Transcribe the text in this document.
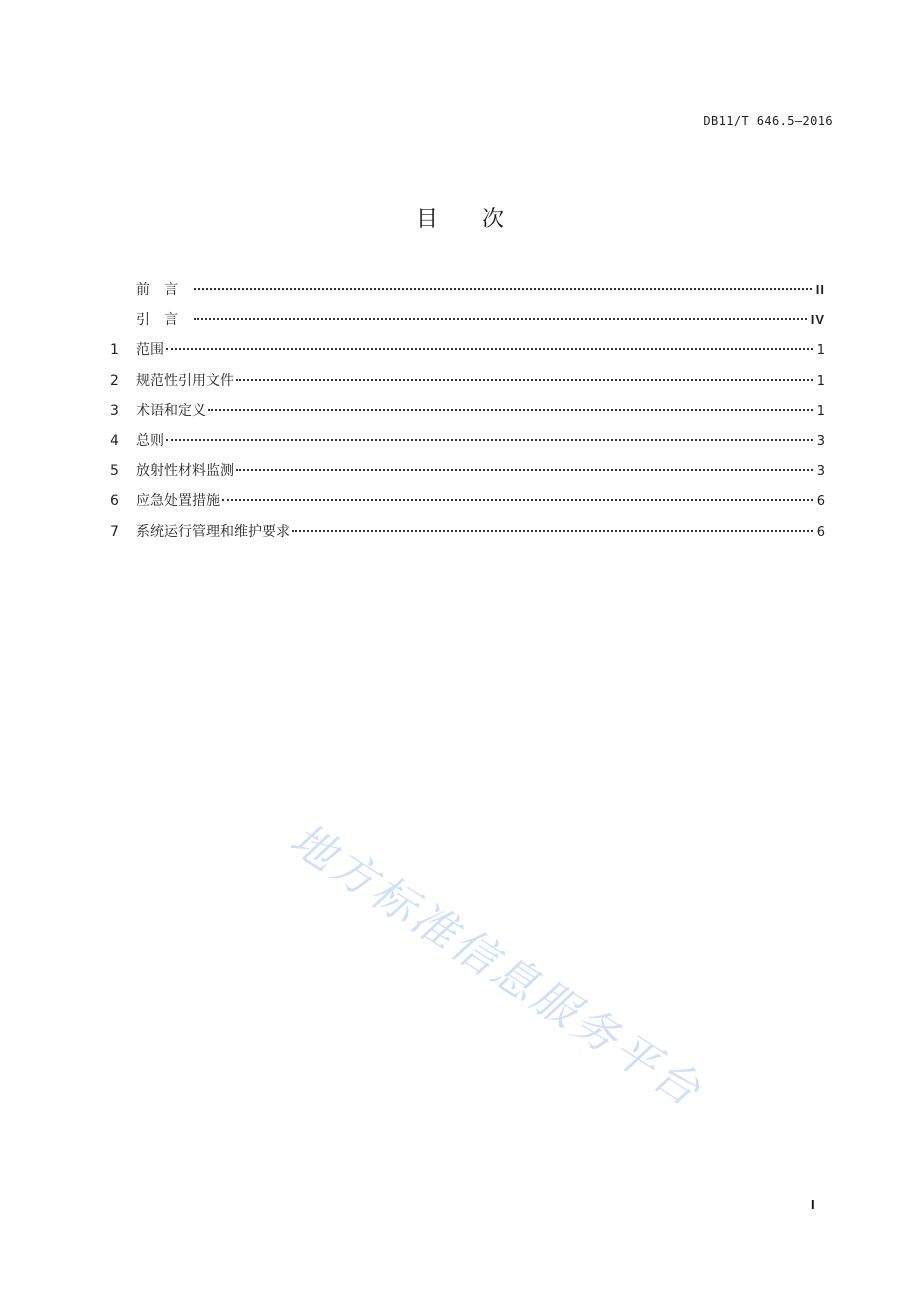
DB11/T 646.5—2016
目次
前言	II
引言	IV
1	范围	1
2	规范性引用文件	1
3	术语和定义	1
4	总则	3
5	放射性材料监测	3
6	应急处置措施	6
7	系统运行管理和维护要求	6
地方标准信息服务平台
I
